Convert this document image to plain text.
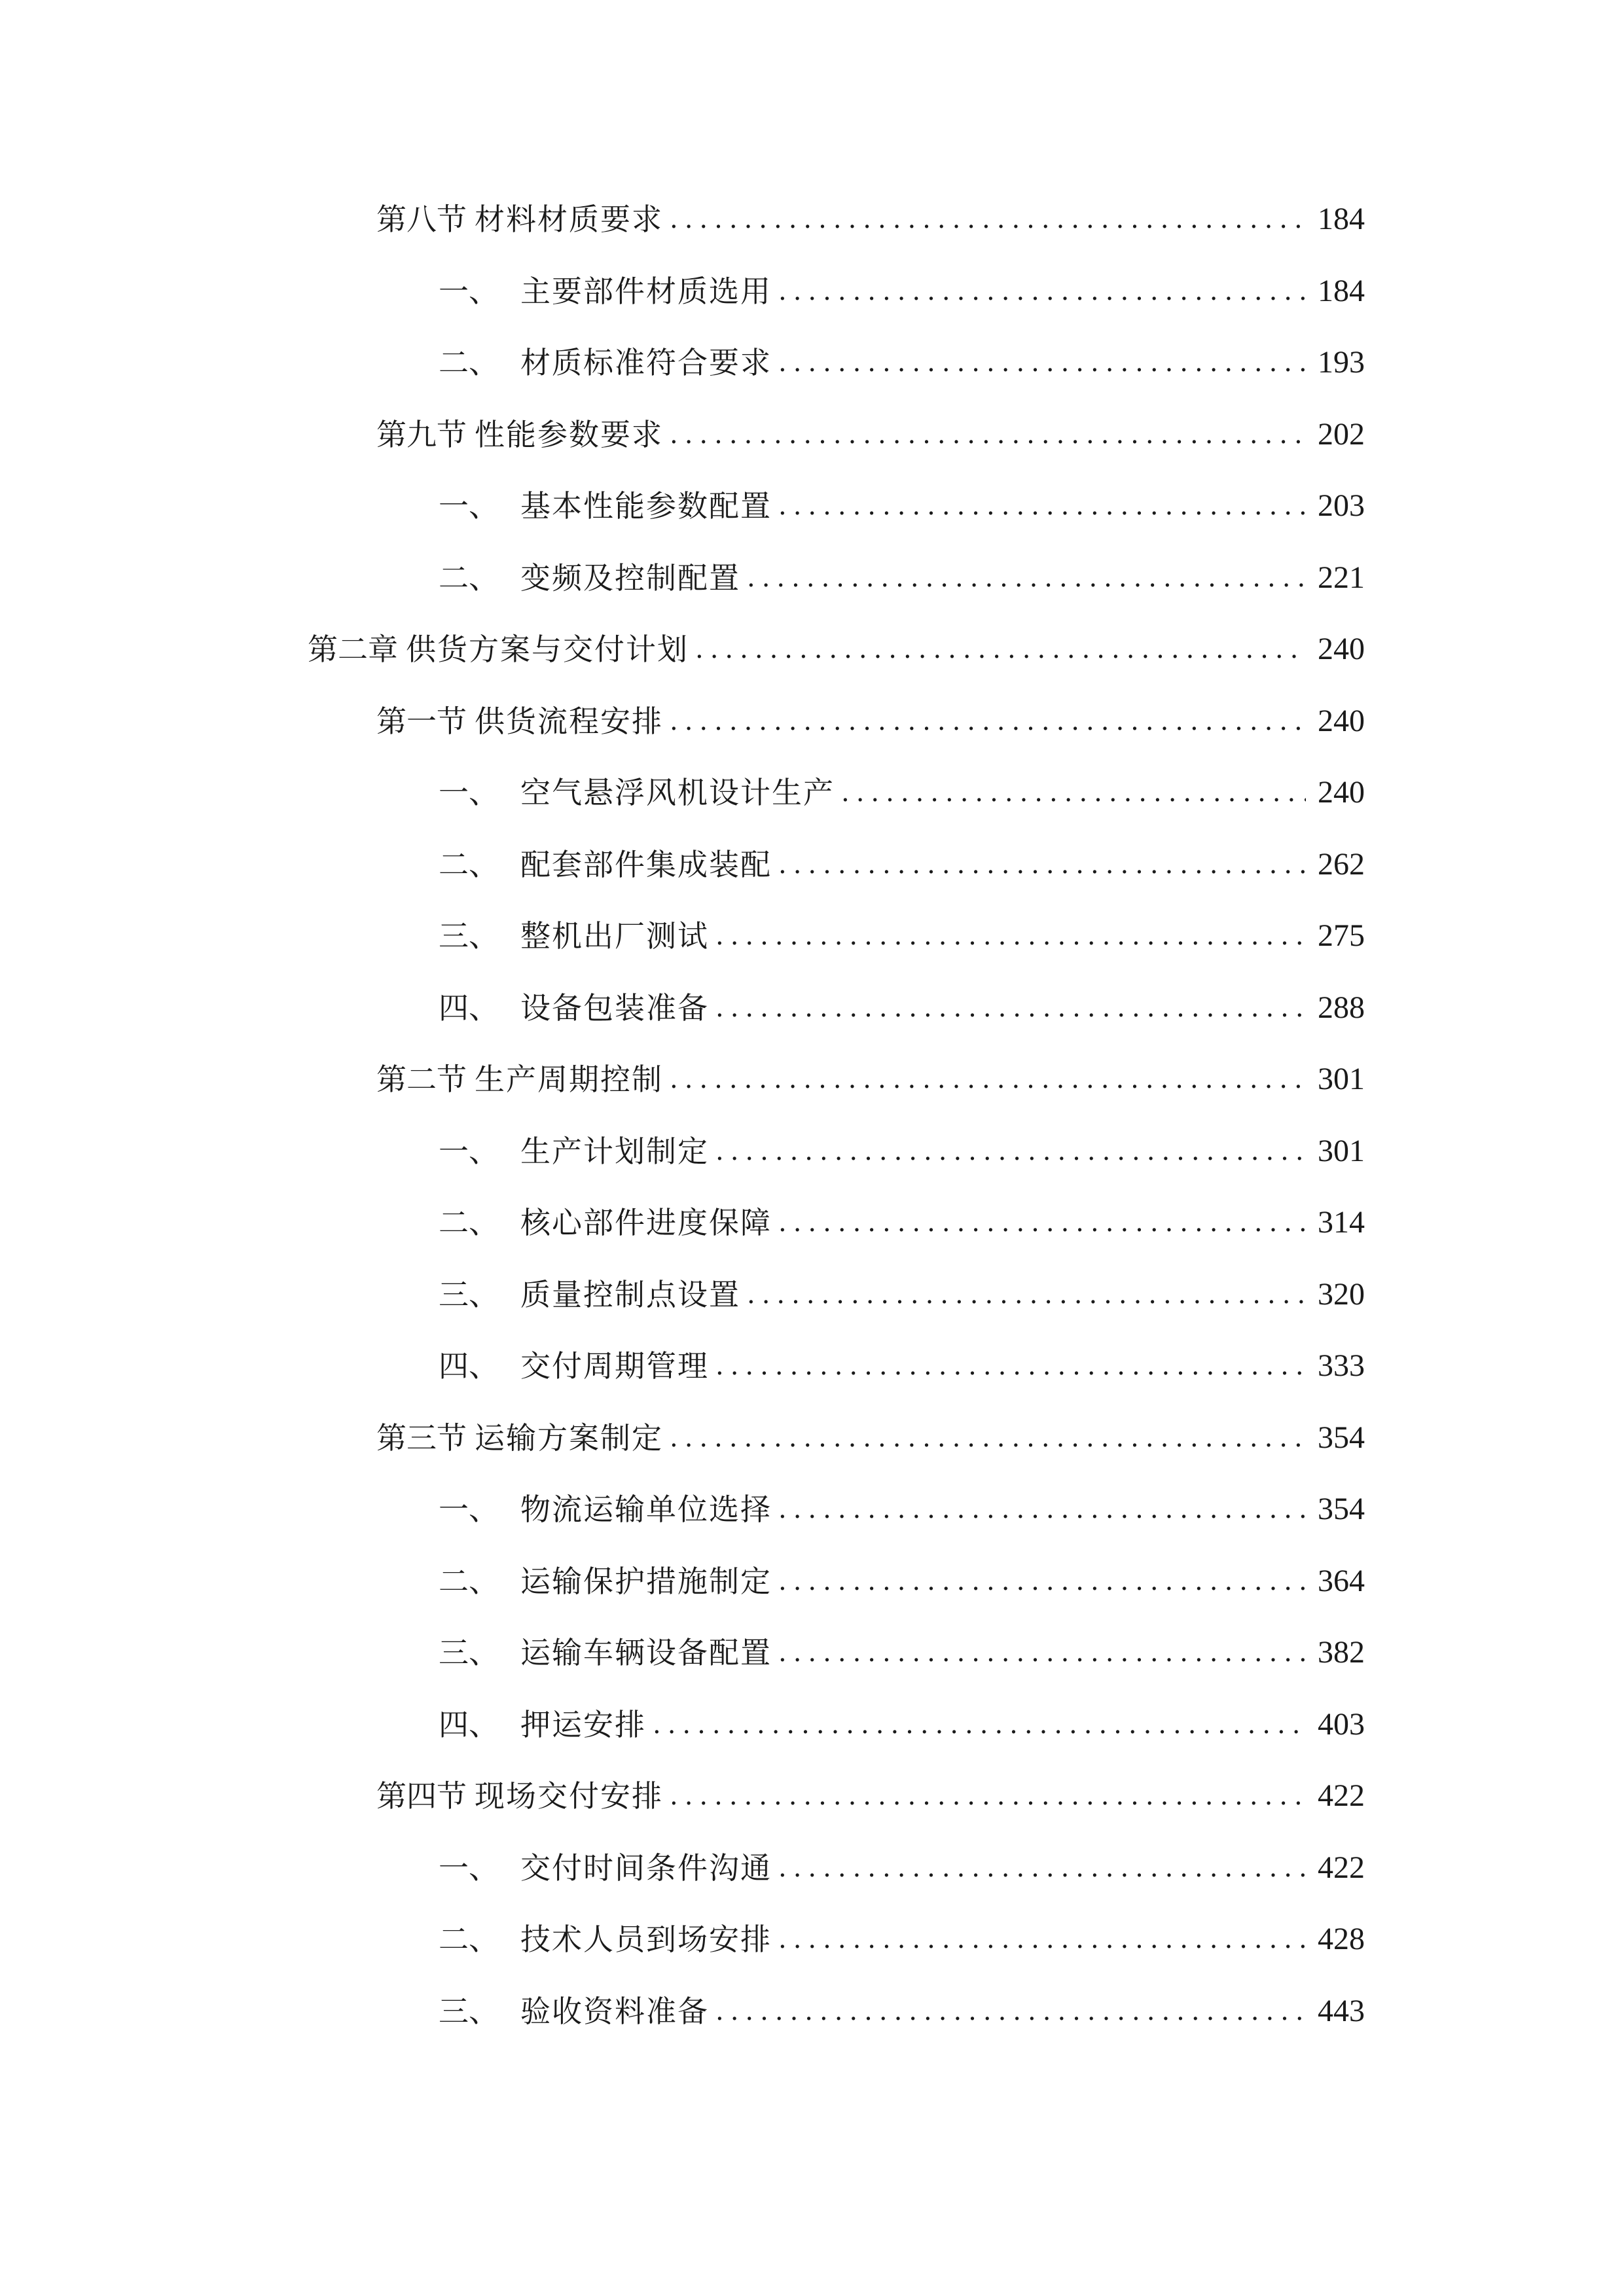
第八节 材料材质要求 .....	184
一、 主要部件材质选用 .....	184
二、 材质标准符合要求 .....	193
第九节 性能参数要求 .....	202
一、 基本性能参数配置 .....	203
二、 变频及控制配置 .....	221
第二章 供货方案与交付计划 .....	240
第一节 供货流程安排 .....	240
一、 空气悬浮风机设计生产 .....	240
二、 配套部件集成装配 .....	262
三、 整机出厂测试 .....	275
四、 设备包装准备 .....	288
第二节 生产周期控制 .....	301
一、 生产计划制定 .....	301
二、 核心部件进度保障 .....	314
三、 质量控制点设置 .....	320
四、 交付周期管理 .....	333
第三节 运输方案制定 .....	354
一、 物流运输单位选择 .....	354
二、 运输保护措施制定 .....	364
三、 运输车辆设备配置 .....	382
四、 押运安排 .....	403
第四节 现场交付安排 .....	422
一、 交付时间条件沟通 .....	422
二、 技术人员到场安排 .....	428
三、 验收资料准备 .....	443
